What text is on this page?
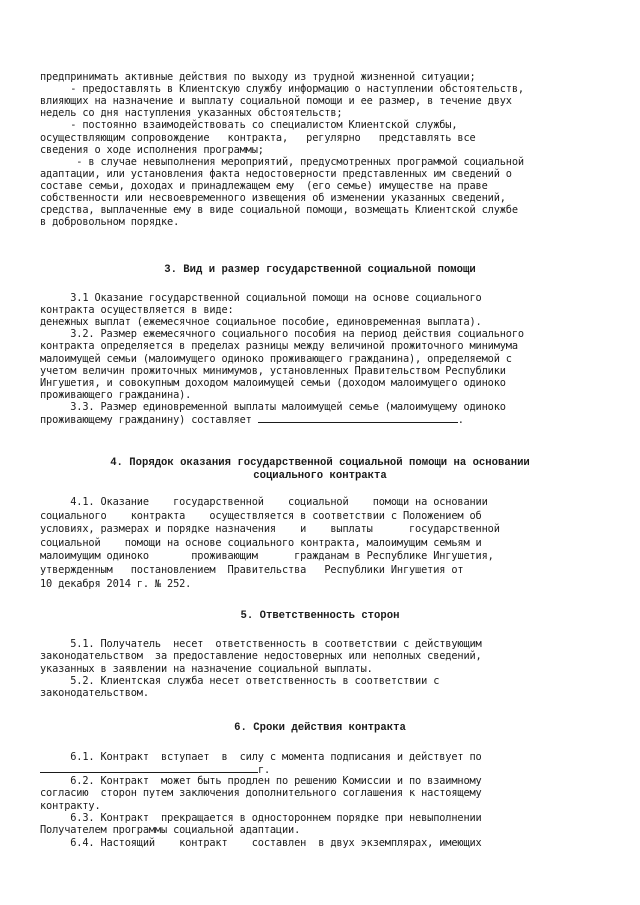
предпринимать активные действия по выходу из трудной жизненной ситуации;
- предоставлять в Клиентскую службу информацию о наступлении обстоятельств,
влияющих на назначение и выплату социальной помощи и ее размер, в течение двух
недель со дня наступления указанных обстоятельств;
- постоянно взаимодействовать со специалистом Клиентской службы,
осуществляющим сопровождение   контракта,   регулярно   представлять все
сведения о ходе исполнения программы;
- в случае невыполнения мероприятий, предусмотренных программой социальной
адаптации, или установления факта недостоверности представленных им сведений о
составе семьи, доходах и принадлежащем ему  (его семье) имуществе на праве
собственности или несвоевременного извещения об изменении указанных сведений,
средства, выплаченные ему в виде социальной помощи, возмещать Клиентской службе
в добровольном порядке.
3. Вид и размер государственной социальной помощи
3.1 Оказание государственной социальной помощи на основе социального
контракта осуществляется в виде:
денежных выплат (ежемесячное социальное пособие, единовременная выплата).
3.2. Размер ежемесячного социального пособия на период действия социального
контракта определяется в пределах разницы между величиной прожиточного минимума
малоимущей семьи (малоимущего одиноко проживающего гражданина), определяемой с
учетом величин прожиточных минимумов, установленных Правительством Республики
Ингушетия, и совокупным доходом малоимущей семьи (доходом малоимущего одиноко
проживающего гражданина).
3.3. Размер единовременной выплаты малоимущей семье (малоимущему одиноко
проживающему гражданину) составляет	.
4. Порядок оказания государственной социальной помощи на основании
социального контракта
4.1. Оказание    государственной    социальной    помощи на основании
социального    контракта    осуществляется в соответствии с Положением об
условиях, размерах и порядке назначения    и    выплаты      государственной
социальной    помощи на основе социального контракта, малоимущим семьям и
малоимущим одиноко       проживающим      гражданам в Республике Ингушетия,
утвержденным   постановлением  Правительства   Республики Ингушетия от
10 декабря 2014 г. № 252.
5. Ответственность сторон
5.1. Получатель  несет  ответственность в соответствии с действующим
законодательством  за предоставление недостоверных или неполных сведений,
указанных в заявлении на назначение социальной выплаты.
5.2. Клиентская служба несет ответственность в соответствии с
законодательством.
6. Сроки действия контракта
6.1. Контракт  вступает  в  силу с момента подписания и действует по
г.
6.2. Контракт  может быть продлен по решению Комиссии и по взаимному
согласию  сторон путем заключения дополнительного соглашения к настоящему
контракту.
6.3. Контракт  прекращается в одностороннем порядке при невыполнении
Получателем программы социальной адаптации.
6.4. Настоящий    контракт    составлен  в двух экземплярах, имеющих
